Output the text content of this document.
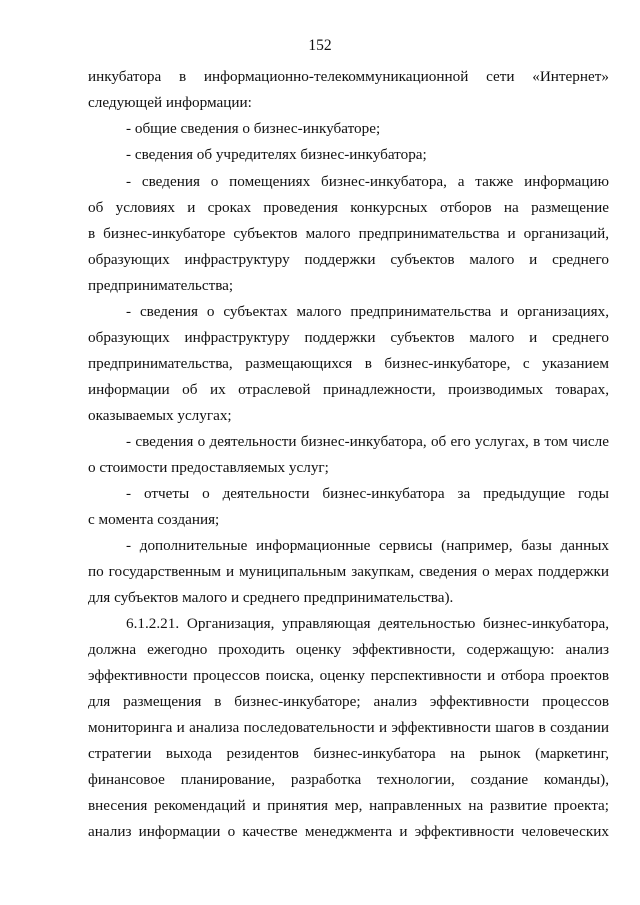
152
инкубатора в информационно-телекоммуникационной сети «Интернет»
следующей информации:
- общие сведения о бизнес-инкубаторе;
- сведения об учредителях бизнес-инкубатора;
- сведения о помещениях бизнес-инкубатора, а также информацию
об условиях и сроках проведения конкурсных отборов на размещение
в бизнес-инкубаторе субъектов малого предпринимательства и организаций,
образующих инфраструктуру поддержки субъектов малого и среднего
предпринимательства;
- сведения о субъектах малого предпринимательства и организациях,
образующих инфраструктуру поддержки субъектов малого и среднего
предпринимательства, размещающихся в бизнес-инкубаторе, с указанием
информации об их отраслевой принадлежности, производимых товарах,
оказываемых услугах;
- сведения о деятельности бизнес-инкубатора, об его услугах, в том числе
о стоимости предоставляемых услуг;
- отчеты о деятельности бизнес-инкубатора за предыдущие годы
с момента создания;
- дополнительные информационные сервисы (например, базы данных
по государственным и муниципальным закупкам, сведения о мерах поддержки
для субъектов малого и среднего предпринимательства).
6.1.2.21. Организация, управляющая деятельностью бизнес-инкубатора,
должна ежегодно проходить оценку эффективности, содержащую: анализ
эффективности процессов поиска, оценку перспективности и отбора проектов
для размещения в бизнес-инкубаторе; анализ эффективности процессов
мониторинга и анализа последовательности и эффективности шагов в создании
стратегии выхода резидентов бизнес-инкубатора на рынок (маркетинг,
финансовое планирование, разработка технологии, создание команды),
внесения рекомендаций и принятия мер, направленных на развитие проекта;
анализ информации о качестве менеджмента и эффективности человеческих
